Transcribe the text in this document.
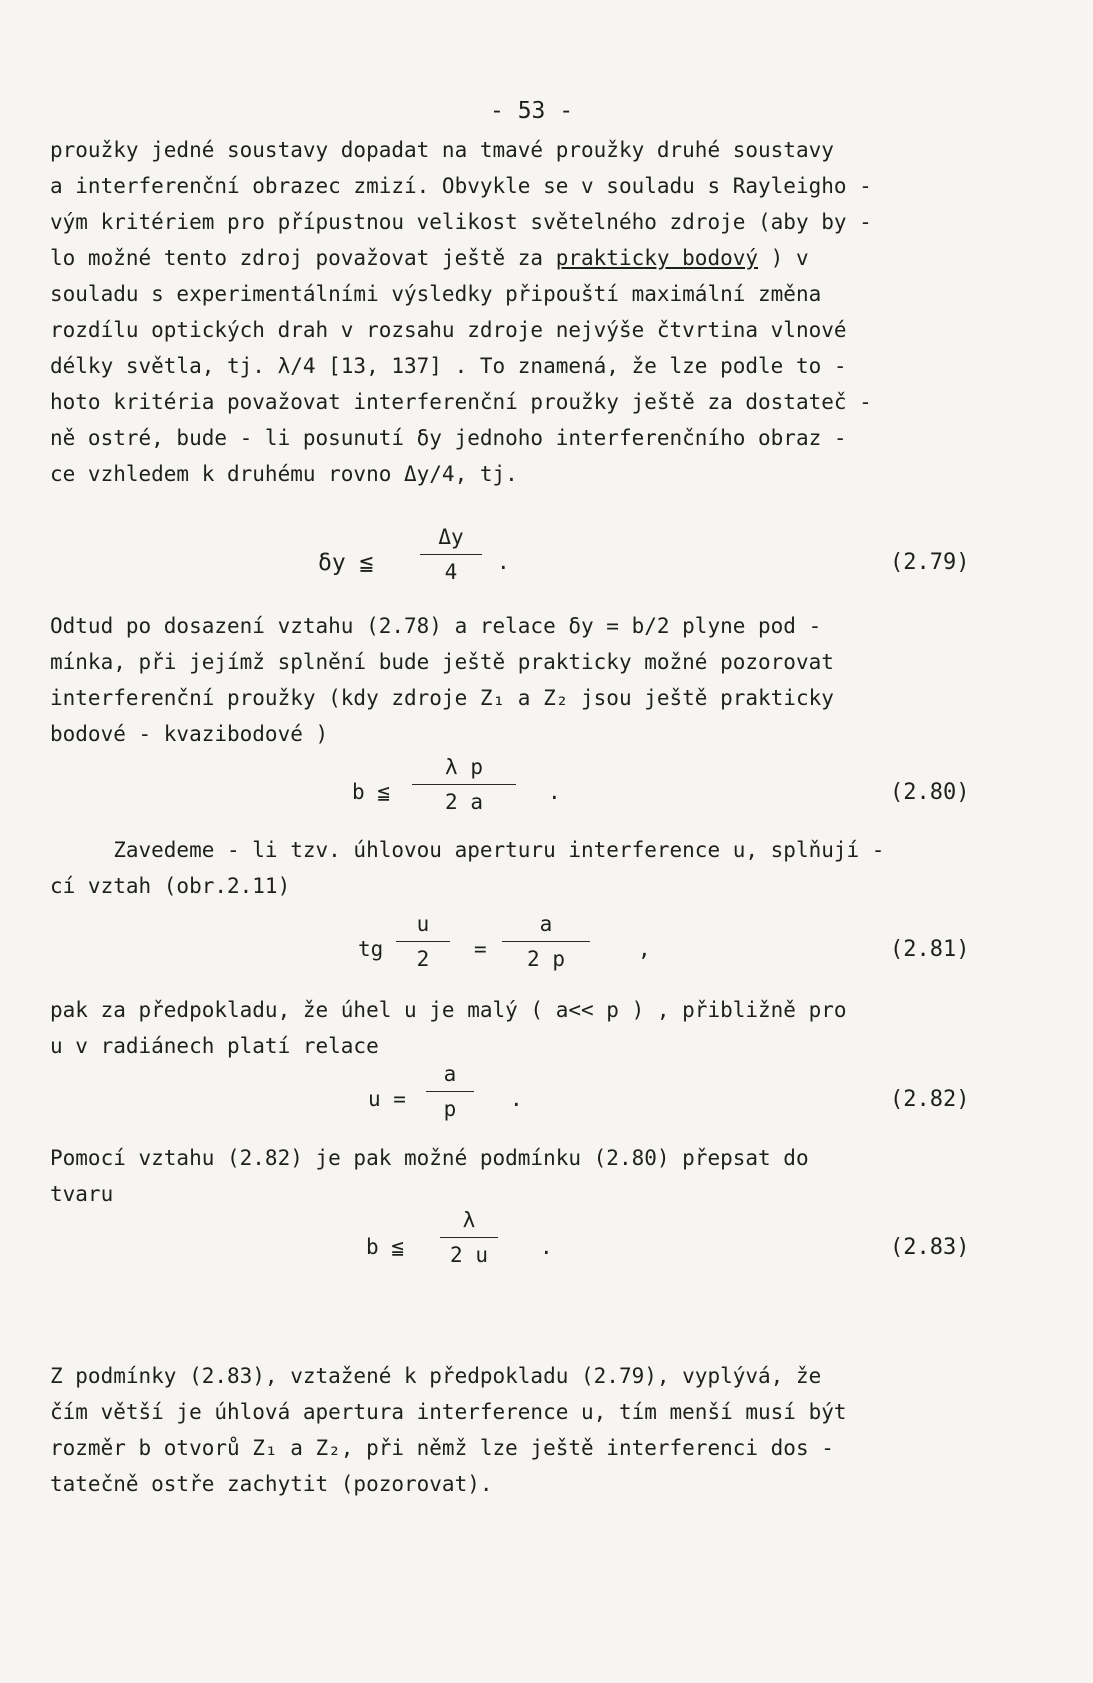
- 53 -
proužky jedné soustavy dopadat na tmavé proužky druhé soustavy
a interferenční obrazec zmizí. Obvykle se v souladu s Rayleigho -
vým kritériem pro přípustnou velikost světelného zdroje (aby by -
lo možné tento zdroj považovat ještě za prakticky bodový ) v
souladu s experimentálními výsledky připouští maximální změna
rozdílu optických drah v rozsahu zdroje nejvýše čtvrtina vlnové
délky světla, tj. λ/4 [13, 137] . To znamená, že lze podle to -
hoto kritéria považovat interferenční proužky ještě za dostateč -
ně ostré, bude - li posunutí δy jednoho interferenčního obraz -
ce vzhledem k druhému rovno Δy/4, tj.
δy ≦
Δy
4 .	(2.79)
Odtud po dosazení vztahu (2.78) a relace δy = b/2 plyne pod -
mínka, při jejímž splnění bude ještě prakticky možné pozorovat
interferenční proužky (kdy zdroje Z₁ a Z₂ jsou ještě prakticky
bodové - kvazibodové )
b ≦
λ p
2 a	.	(2.80)
Zavedeme - li tzv. úhlovou aperturu interference u, splňují -
cí vztah (obr.2.11)
tg
u
2 =
a
2 p	,	(2.81)
pak za předpokladu, že úhel u je malý ( a<< p ) , přibližně pro
u v radiánech platí relace
u =
a
p	.	(2.82)
Pomocí vztahu (2.82) je pak možné podmínku (2.80) přepsat do
tvaru
b ≦
λ
2 u .	(2.83)
Z podmínky (2.83), vztažené k předpokladu (2.79), vyplývá, že
čím větší je úhlová apertura interference u, tím menší musí být
rozměr b otvorů Z₁ a Z₂, při němž lze ještě interferenci dos -
tatečně ostře zachytit (pozorovat).
